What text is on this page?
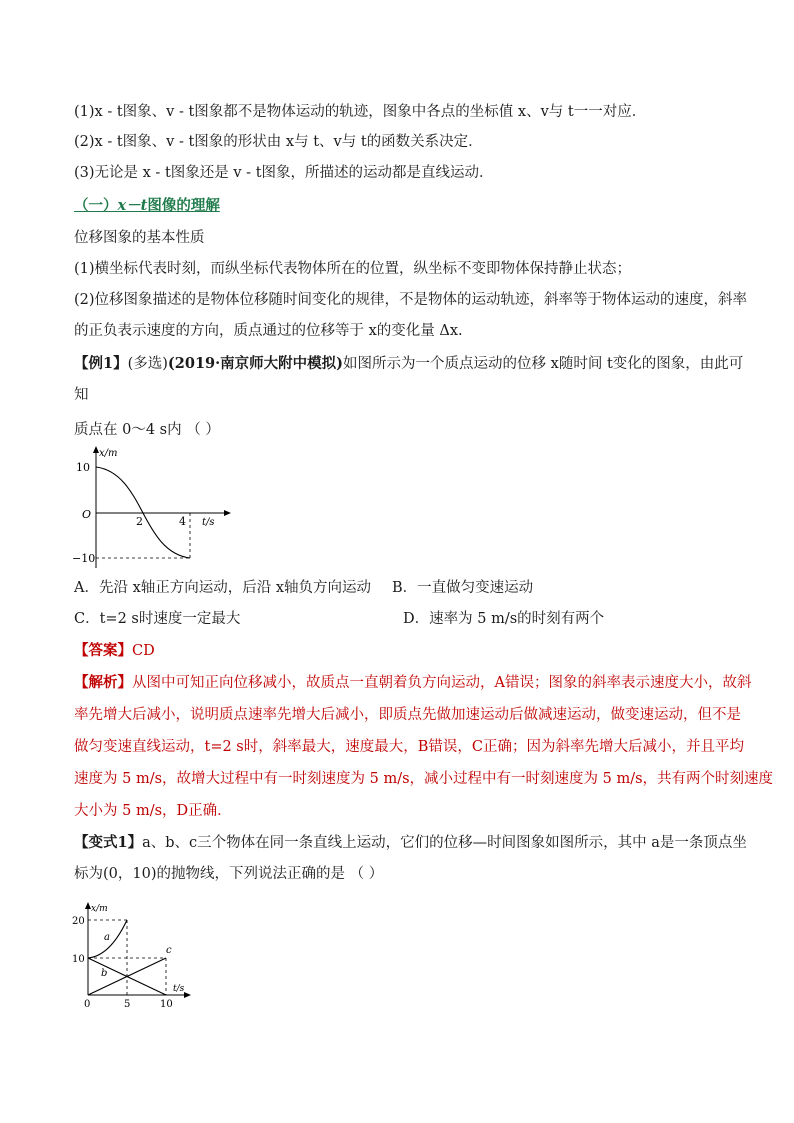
(1)x - t图象、v - t图象都不是物体运动的轨迹，图象中各点的坐标值 x、v与 t一一对应．
(2)x - t图象、v - t图象的形状由 x与 t、v与 t的函数关系决定．
(3)无论是 x - t图象还是 v - t图象，所描述的运动都是直线运动．
（一）x－t图像的理解
位移图象的基本性质
(1)横坐标代表时刻，而纵坐标代表物体所在的位置，纵坐标不变即物体保持静止状态；
(2)位移图象描述的是物体位移随时间变化的规律，不是物体的运动轨迹，斜率等于物体运动的速度，斜率
的正负表示速度的方向，质点通过的位移等于 x的变化量 Δx.
【例1】(多选)(2019·南京师大附中模拟)如图所示为一个质点运动的位移 x随时间 t变化的图象，由此可
知
质点在 0～4 s内 （ ）
x/m
t/s
O
10
−10
2	4
A．先沿 x轴正方向运动，后沿 x轴负方向运动 B．一直做匀变速运动
C．t=2 s时速度一定最大	D．速率为 5 m/s的时刻有两个
【答案】CD
【解析】从图中可知正向位移减小，故质点一直朝着负方向运动，A错误；图象的斜率表示速度大小，故斜
率先增大后减小，说明质点速率先增大后减小，即质点先做加速运动后做减速运动，做变速运动，但不是
做匀变速直线运动，t=2 s时，斜率最大，速度最大，B错误，C正确；因为斜率先增大后减小，并且平均
速度为 5 m/s，故增大过程中有一时刻速度为 5 m/s，减小过程中有一时刻速度为 5 m/s，共有两个时刻速度
大小为 5 m/s，D正确．
【变式1】a、b、c三个物体在同一条直线上运动，它们的位移—时间图象如图所示，其中 a是一条顶点坐
标为(0，10)的抛物线，下列说法正确的是 （ ）
x/m
t/s
20
10
0	5	10
a
b
c
